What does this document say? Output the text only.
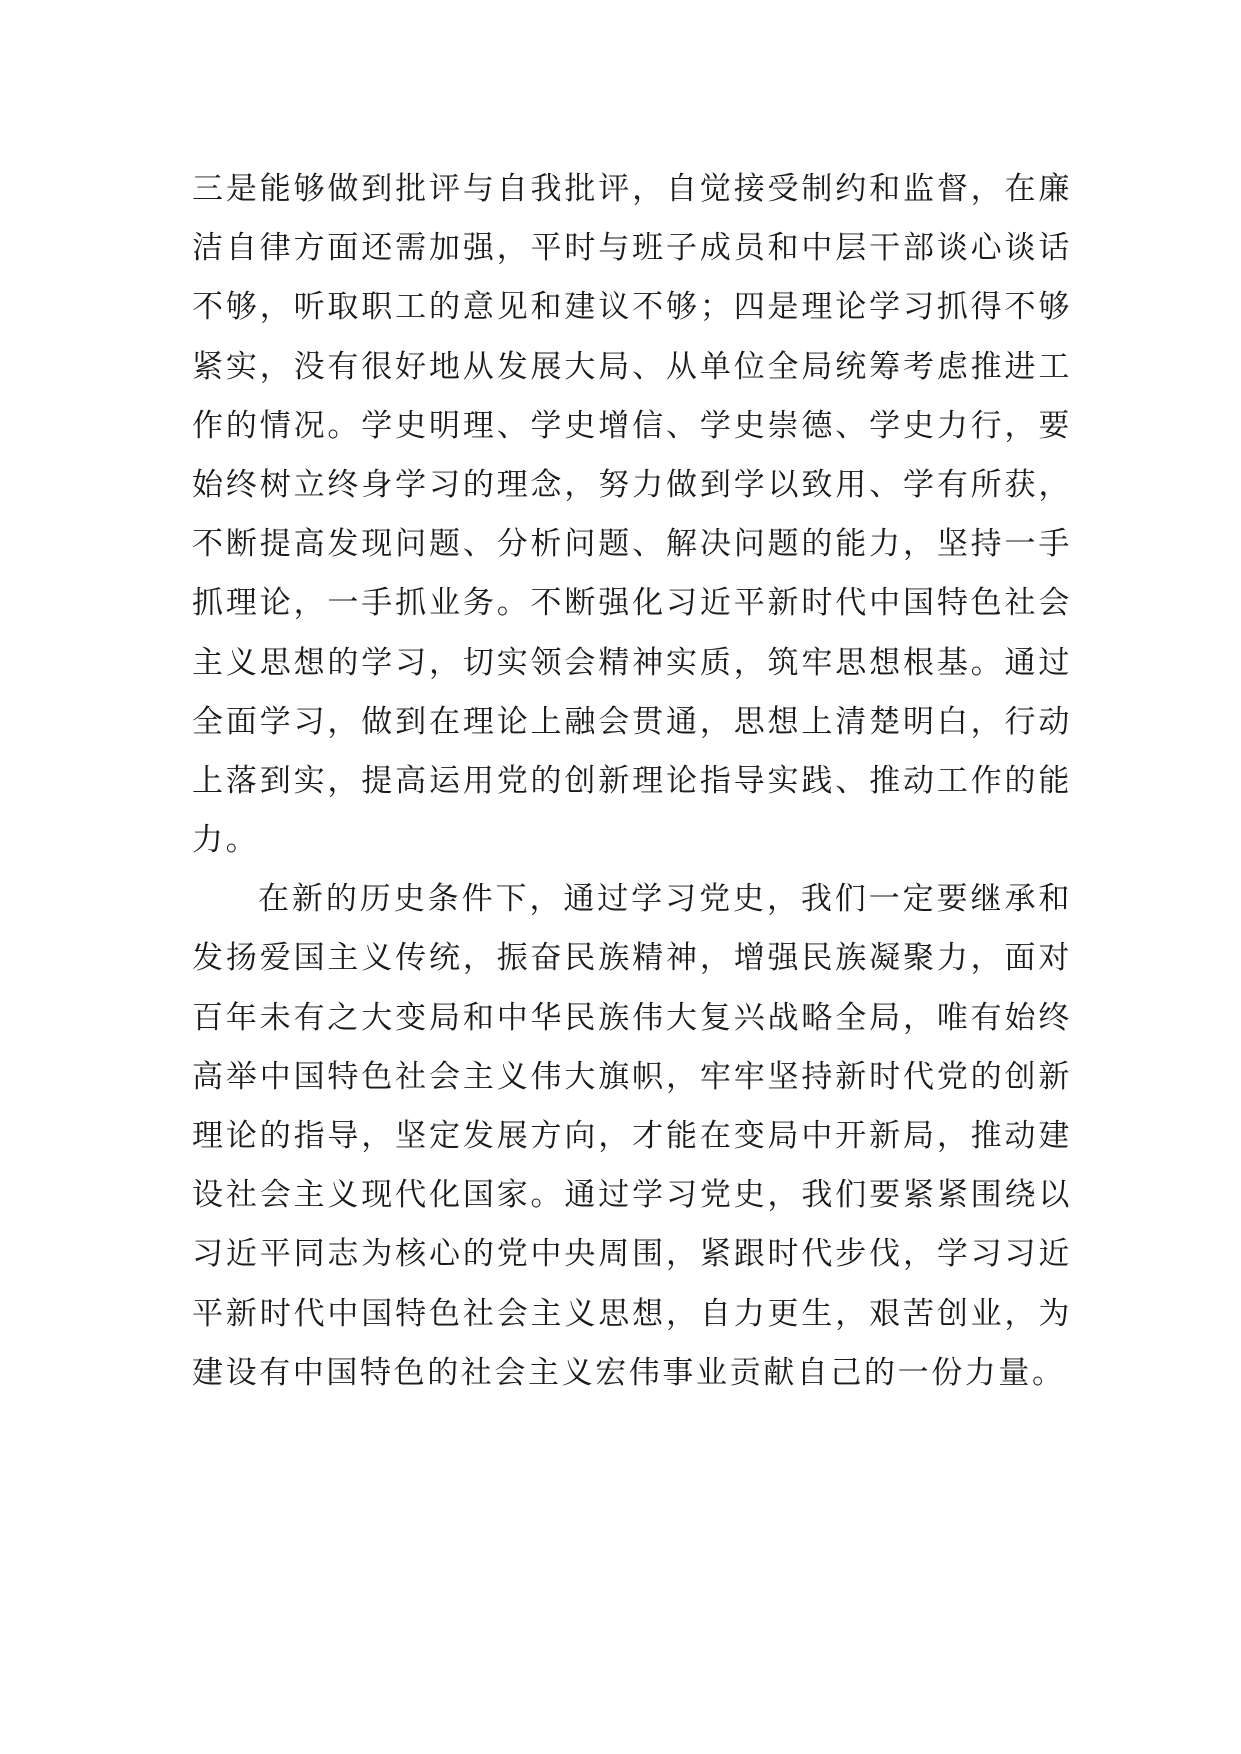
三是能够做到批评与自我批评，自觉接受制约和监督，在廉
洁自律方面还需加强，平时与班子成员和中层干部谈心谈话
不够，听取职工的意见和建议不够；四是理论学习抓得不够
紧实，没有很好地从发展大局、从单位全局统筹考虑推进工
作的情况。学史明理、学史增信、学史崇德、学史力行，要
始终树立终身学习的理念，努力做到学以致用、学有所获，
不断提高发现问题、分析问题、解决问题的能力，坚持一手
抓理论，一手抓业务。不断强化习近平新时代中国特色社会
主义思想的学习，切实领会精神实质，筑牢思想根基。通过
全面学习，做到在理论上融会贯通，思想上清楚明白，行动
上落到实，提高运用党的创新理论指导实践、推动工作的能
力。
在新的历史条件下，通过学习党史，我们一定要继承和
发扬爱国主义传统，振奋民族精神，增强民族凝聚力，面对
百年未有之大变局和中华民族伟大复兴战略全局，唯有始终
高举中国特色社会主义伟大旗帜，牢牢坚持新时代党的创新
理论的指导，坚定发展方向，才能在变局中开新局，推动建
设社会主义现代化国家。通过学习党史，我们要紧紧围绕以
习近平同志为核心的党中央周围，紧跟时代步伐，学习习近
平新时代中国特色社会主义思想，自力更生，艰苦创业，为
建设有中国特色的社会主义宏伟事业贡献自己的一份力量。
